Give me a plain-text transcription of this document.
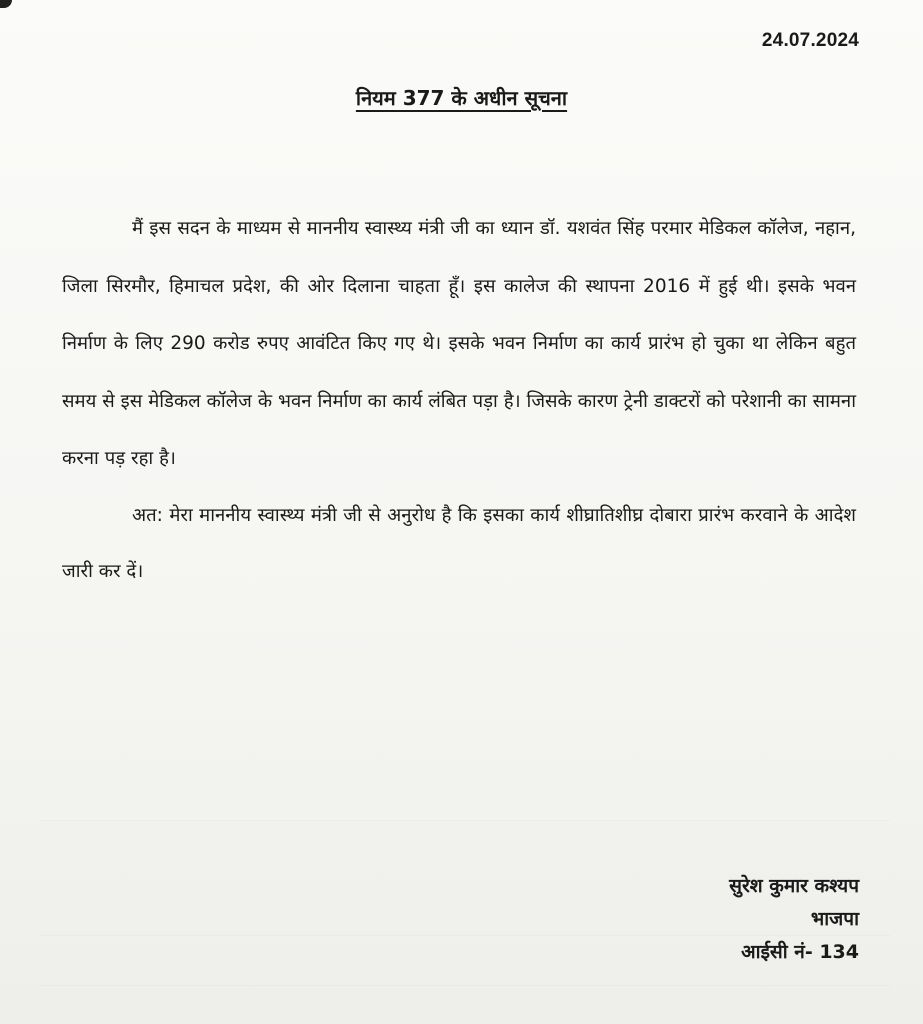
24.07.2024
नियम 377 के अधीन सूचना

मैं इस सदन के माध्यम से माननीय स्वास्थ्य मंत्री जी का ध्यान डॉ. यशवंत सिंह परमार मेडिकल कॉलेज, नहान, जिला सिरमौर, हिमाचल प्रदेश, की ओर दिलाना चाहता हूँ। इस कालेज की स्थापना 2016 में हुई थी। इसके भवन निर्माण के लिए 290 करोड रुपए आवंटित किए गए थे। इसके भवन निर्माण का कार्य प्रारंभ हो चुका था लेकिन बहुत समय से इस मेडिकल कॉलेज के भवन निर्माण का कार्य लंबित पड़ा है। जिसके कारण ट्रेनी डाक्टरों को परेशानी का सामना करना पड़ रहा है।

अत: मेरा माननीय स्वास्थ्य मंत्री जी से अनुरोध है कि इसका कार्य शीघ्रातिशीघ्र दोबारा प्रारंभ करवाने के आदेश जारी कर दें।

सुरेश कुमार कश्यप
भाजपा
आईसी नं- 134
